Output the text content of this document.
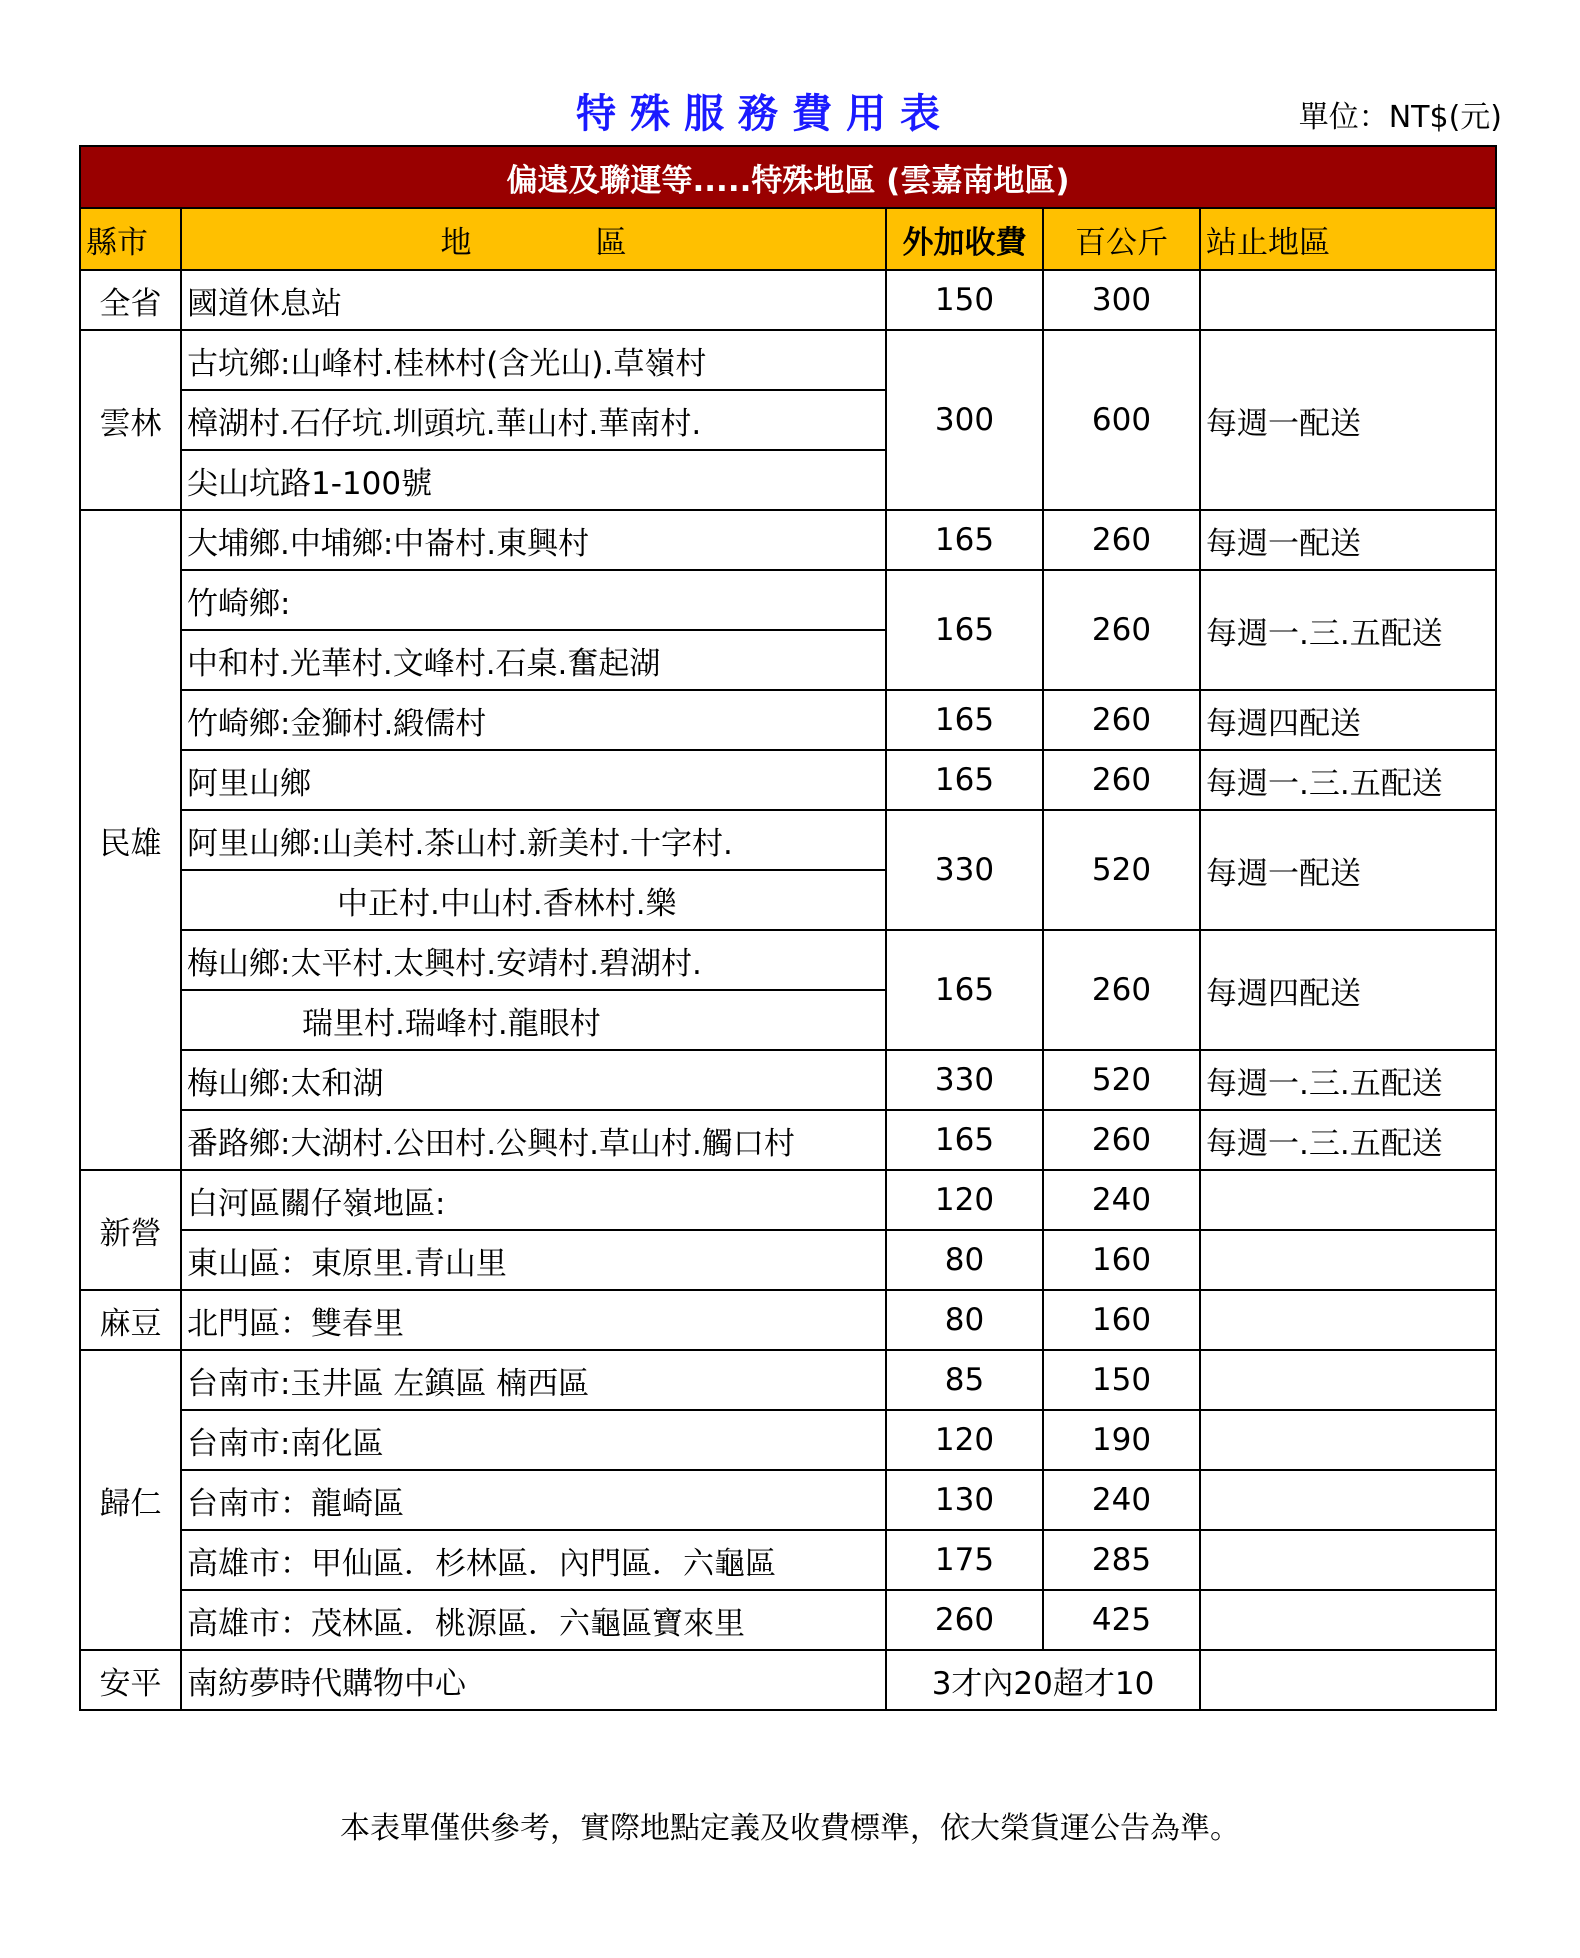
特殊服務費用表	單位：NT$(元)
偏遠及聯運等.....特殊地區 (雲嘉南地區)				
縣市	地　　　　區	外加收費	百公斤	站止地區
全省	國道休息站	150	300	
雲林	古坑鄉:山峰村.桂林村(含光山).草嶺村	300	600	每週一配送
	樟湖村.石仔坑.圳頭坑.華山村.華南村.			
	尖山坑路1-100號			
民雄	大埔鄉.中埔鄉:中崙村.東興村	165	260	每週一配送
	竹崎鄉:	165	260	每週一.三.五配送
	中和村.光華村.文峰村.石桌.奮起湖			
	竹崎鄉:金獅村.緞儒村	165	260	每週四配送
	阿里山鄉	165	260	每週一.三.五配送
	阿里山鄉:山美村.茶山村.新美村.十字村.	330	520	每週一配送
	中正村.中山村.香林村.樂			
	梅山鄉:太平村.太興村.安靖村.碧湖村.	165	260	每週四配送
	瑞里村.瑞峰村.龍眼村			
	梅山鄉:太和湖	330	520	每週一.三.五配送
	番路鄉:大湖村.公田村.公興村.草山村.觸口村	165	260	每週一.三.五配送
新營	白河區關仔嶺地區:	120	240	
	東山區：東原里.青山里	80	160	
麻豆	北門區：雙春里	80	160	
歸仁	台南市:玉井區 左鎮區 楠西區	85	150	
	台南市:南化區	120	190	
	台南市：龍崎區	130	240	
	高雄市：甲仙區．杉林區．內門區．六龜區	175	285	
	高雄市：茂林區．桃源區．六龜區寶來里	260	425	
安平	南紡夢時代購物中心	3才內20超才10		
本表單僅供參考，實際地點定義及收費標準，依大榮貨運公告為準。
